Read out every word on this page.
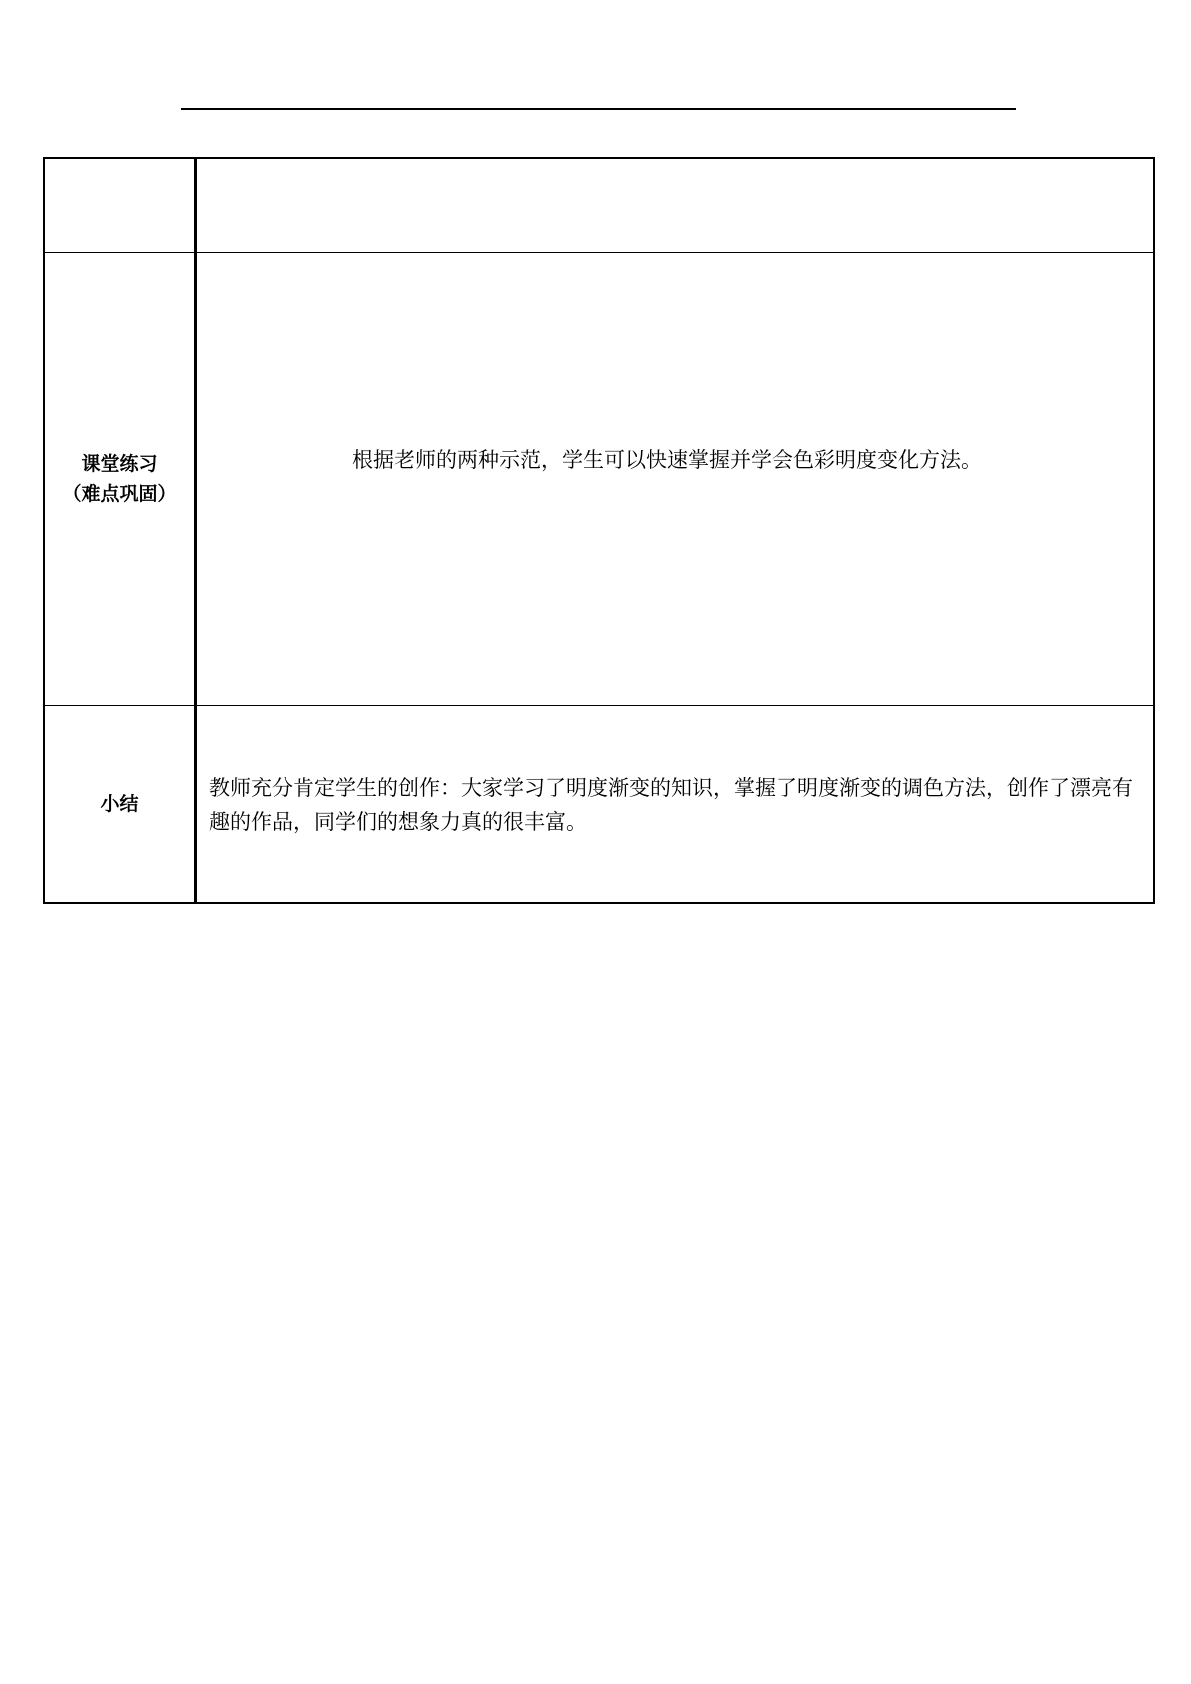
课堂练习
（难点巩固）	根据老师的两种示范，学生可以快速掌握并学会色彩明度变化方法。

小结	教师充分肯定学生的创作：大家学习了明度渐变的知识，掌握了明度渐变的调色方法，创作了漂亮有趣的作品，同学们的想象力真的很丰富。
